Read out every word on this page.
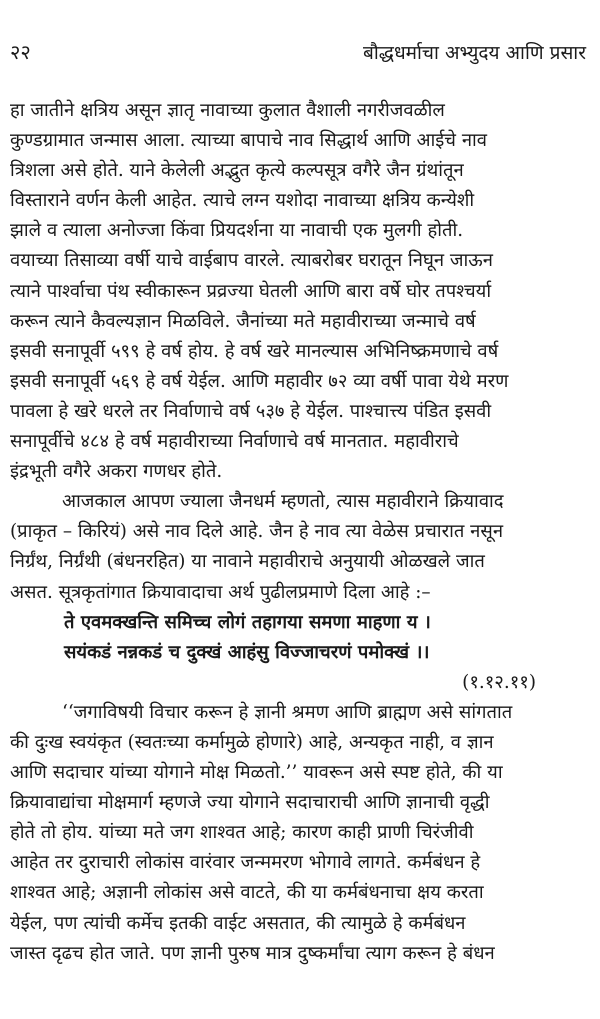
२२	बौद्धधर्माचा अभ्युदय आणि प्रसार
हा जातीने क्षत्रिय असून ज्ञातृ नावाच्या कुलात वैशाली नगरीजवळील
कुण्डग्रामात जन्मास आला. त्याच्या बापाचे नाव सिद्धार्थ आणि आईचे नाव
त्रिशला असे होते. याने केलेली अद्भुत कृत्ये कल्पसूत्र वगैरे जैन ग्रंथांतून
विस्ताराने वर्णन केली आहेत. त्याचे लग्न यशोदा नावाच्या क्षत्रिय कन्येशी
झाले व त्याला अनोज्जा किंवा प्रियदर्शना या नावाची एक मुलगी होती.
वयाच्या तिसाव्या वर्षी याचे वाईबाप वारले. त्याबरोबर घरातून निघून जाऊन
त्याने पार्श्वाचा पंथ स्वीकारून प्रव्रज्या घेतली आणि बारा वर्षे घोर तपश्चर्या
करून त्याने कैवल्यज्ञान मिळविले. जैनांच्या मते महावीराच्या जन्माचे वर्ष
इसवी सनापूर्वी ५९९ हे वर्ष होय. हे वर्ष खरे मानल्यास अभिनिष्क्रमणाचे वर्ष
इसवी सनापूर्वी ५६९ हे वर्ष येईल. आणि महावीर ७२ व्या वर्षी पावा येथे मरण
पावला हे खरे धरले तर निर्वाणाचे वर्ष ५३७ हे येईल. पाश्चात्त्य पंडित इसवी
सनापूर्वीचे ४८४ हे वर्ष महावीराच्या निर्वाणाचे वर्ष मानतात. महावीराचे
इंद्रभूती वगैरे अकरा गणधर होते.
आजकाल आपण ज्याला जैनधर्म म्हणतो, त्यास महावीराने क्रियावाद
(प्राकृत – किरियं) असे नाव दिले आहे. जैन हे नाव त्या वेळेस प्रचारात नसून
निर्ग्रंथ, निर्ग्रंथी (बंधनरहित) या नावाने महावीराचे अनुयायी ओळखले जात
असत. सूत्रकृतांगात क्रियावादाचा अर्थ पुढीलप्रमाणे दिला आहे :–
ते एवमक्खन्ति समिच्च लोगं तहागया समणा माहणा य ।
सयंकडं नन्नकडं च दुक्खं आहंसु विज्जाचरणं पमोक्खं ।।
(१.१२.११)
‘‘जगाविषयी विचार करून हे ज्ञानी श्रमण आणि ब्राह्मण असे सांगतात
की दुःख स्वयंकृत (स्वतःच्या कर्मामुळे होणारे) आहे, अन्यकृत नाही, व ज्ञान
आणि सदाचार यांच्या योगाने मोक्ष मिळतो.’’ यावरून असे स्पष्ट होते, की या
क्रियावाद्यांचा मोक्षमार्ग म्हणजे ज्या योगाने सदाचाराची आणि ज्ञानाची वृद्धी
होते तो होय. यांच्या मते जग शाश्वत आहे; कारण काही प्राणी चिरंजीवी
आहेत तर दुराचारी लोकांस वारंवार जन्ममरण भोगावे लागते. कर्मबंधन हे
शाश्वत आहे; अज्ञानी लोकांस असे वाटते, की या कर्मबंधनाचा क्षय करता
येईल, पण त्यांची कर्मेच इतकी वाईट असतात, की त्यामुळे हे कर्मबंधन
जास्त दृढच होत जाते. पण ज्ञानी पुरुष मात्र दुष्कर्मांचा त्याग करून हे बंधन
